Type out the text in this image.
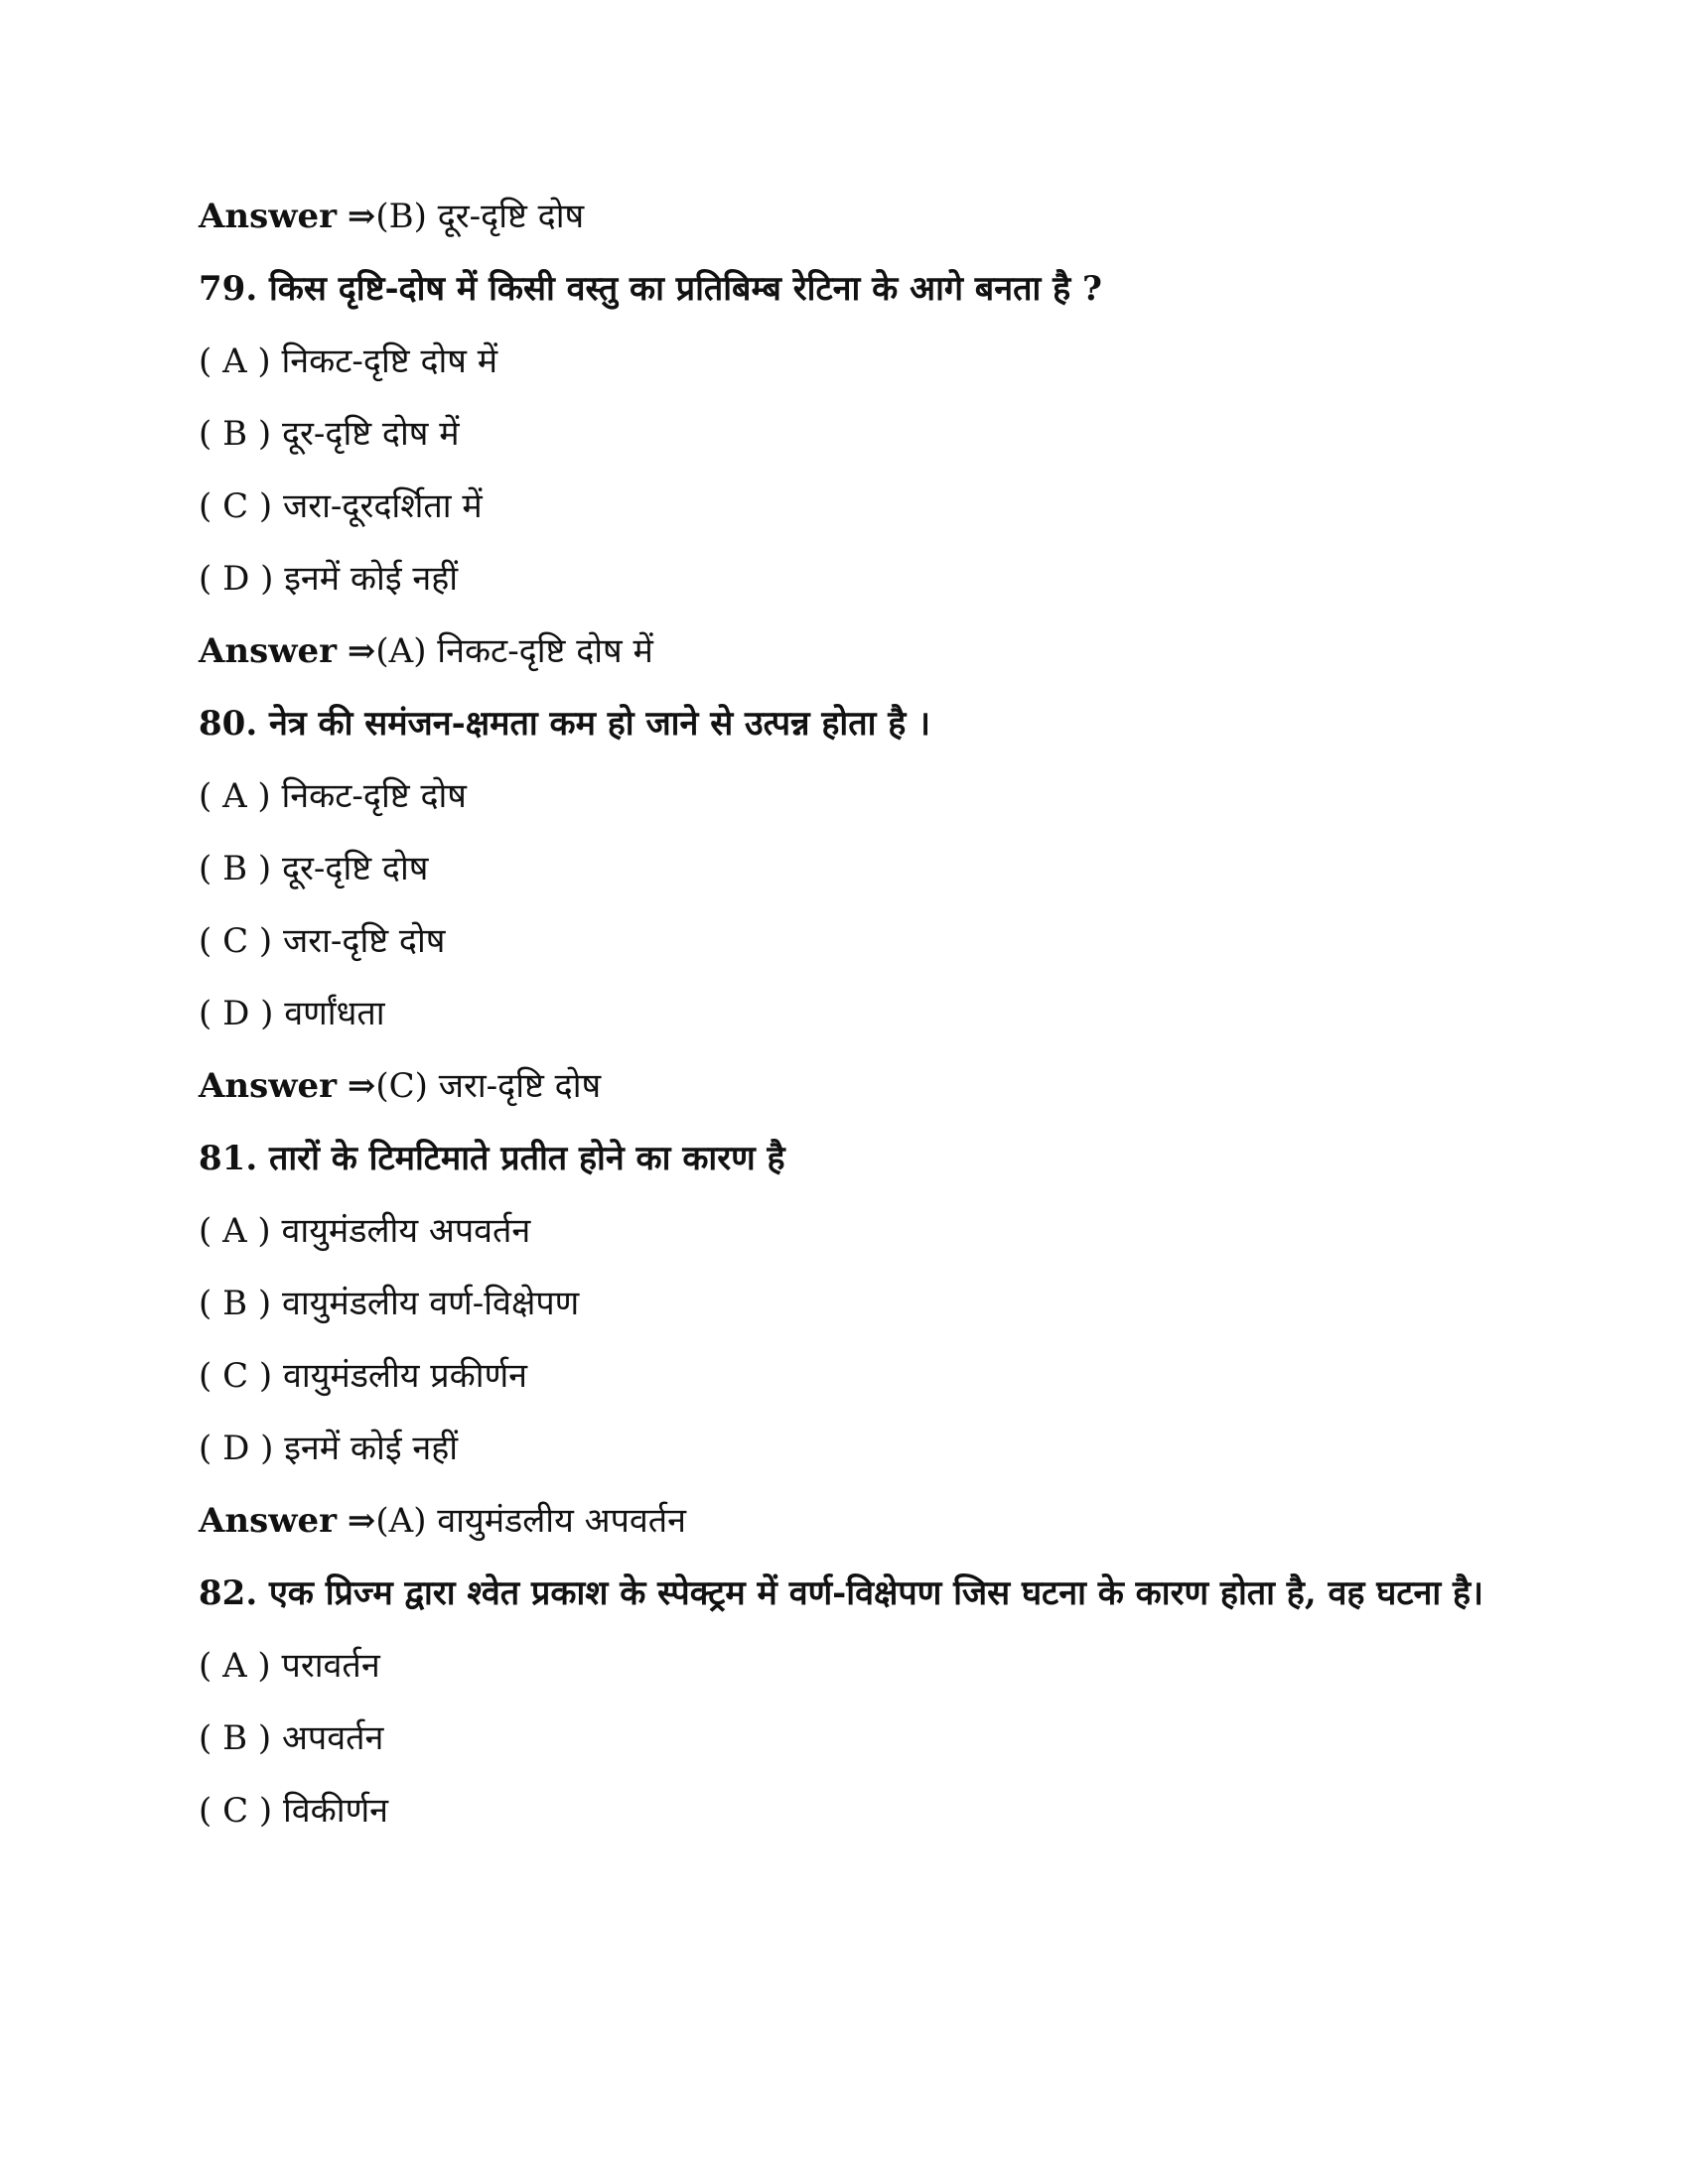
Answer ⇒(B) दूर-दृष्टि दोष
79. किस दृष्टि-दोष में किसी वस्तु का प्रतिबिम्ब रेटिना के आगे बनता है ?
( A ) निकट-दृष्टि दोष में
( B ) दूर-दृष्टि दोष में
( C ) जरा-दूरदर्शिता में
( D ) इनमें कोई नहीं
Answer ⇒(A) निकट-दृष्टि दोष में
80. नेत्र की समंजन-क्षमता कम हो जाने से उत्पन्न होता है ।
( A ) निकट-दृष्टि दोष
( B ) दूर-दृष्टि दोष
( C ) जरा-दृष्टि दोष
( D ) वर्णांधता
Answer ⇒(C) जरा-दृष्टि दोष
81. तारों के टिमटिमाते प्रतीत होने का कारण है
( A ) वायुमंडलीय अपवर्तन
( B ) वायुमंडलीय वर्ण-विक्षेपण
( C ) वायुमंडलीय प्रकीर्णन
( D ) इनमें कोई नहीं
Answer ⇒(A) वायुमंडलीय अपवर्तन
82. एक प्रिज्म द्वारा श्वेत प्रकाश के स्पेक्ट्रम में वर्ण-विक्षेपण जिस घटना के कारण होता है, वह घटना है।
( A ) परावर्तन
( B ) अपवर्तन
( C ) विकीर्णन
